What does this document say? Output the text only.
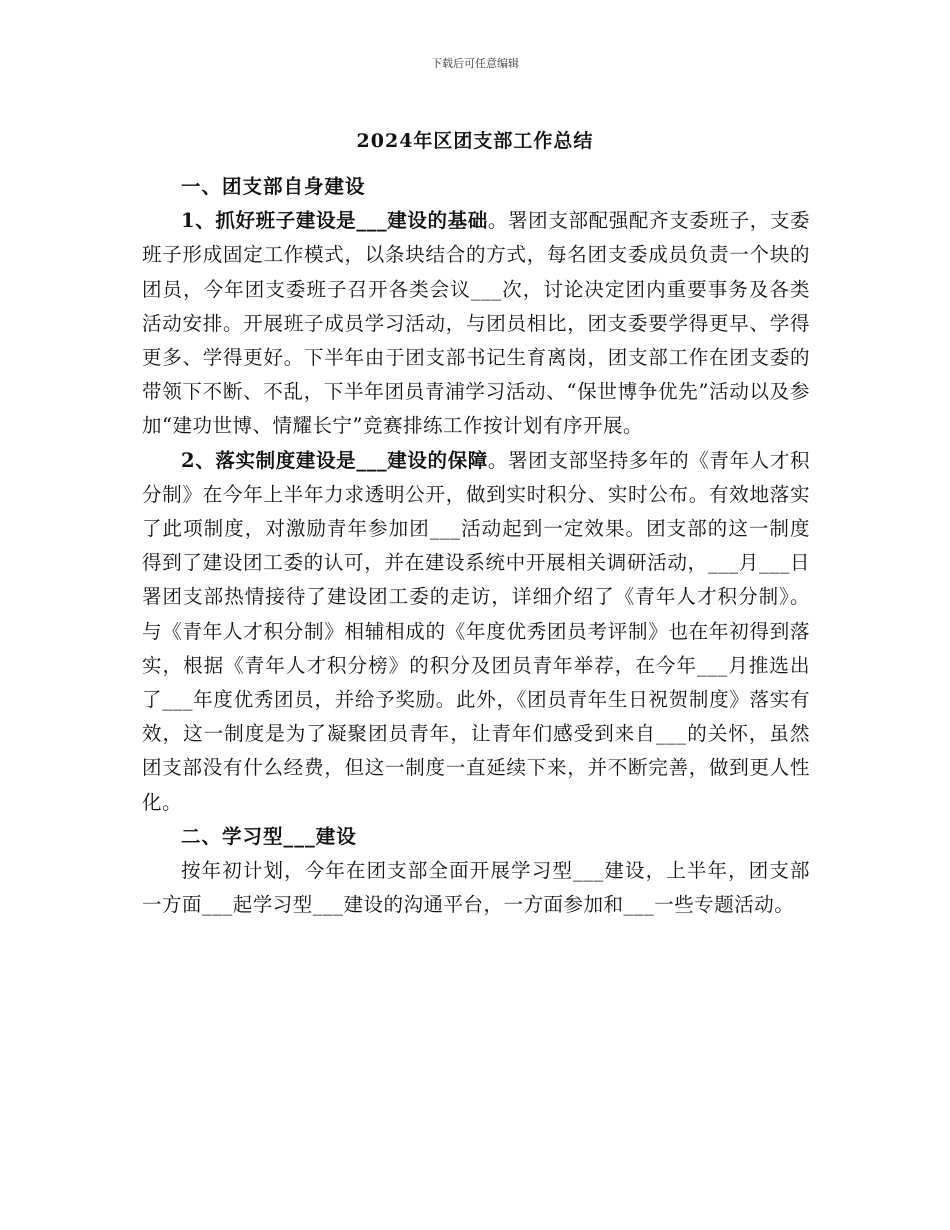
下载后可任意编辑
2024年区团支部工作总结
一、团支部自身建设

1、抓好班子建设是___建设的基础。署团支部配强配齐支委班子，支委班子形成固定工作模式，以条块结合的方式，每名团支委成员负责一个块的团员，今年团支委班子召开各类会议___次，讨论决定团内重要事务及各类活动安排。开展班子成员学习活动，与团员相比，团支委要学得更早、学得更多、学得更好。下半年由于团支部书记生育离岗，团支部工作在团支委的带领下不断、不乱，下半年团员青浦学习活动、“保世博争优先”活动以及参加“建功世博、情耀长宁”竞赛排练工作按计划有序开展。

2、落实制度建设是___建设的保障。署团支部坚持多年的《青年人才积分制》在今年上半年力求透明公开，做到实时积分、实时公布。有效地落实了此项制度，对激励青年参加团___活动起到一定效果。团支部的这一制度得到了建设团工委的认可，并在建设系统中开展相关调研活动，___月___日署团支部热情接待了建设团工委的走访，详细介绍了《青年人才积分制》。与《青年人才积分制》相辅相成的《年度优秀团员考评制》也在年初得到落实，根据《青年人才积分榜》的积分及团员青年举荐，在今年___月推选出了___年度优秀团员，并给予奖励。此外，《团员青年生日祝贺制度》落实有效，这一制度是为了凝聚团员青年，让青年们感受到来自___的关怀，虽然团支部没有什么经费，但这一制度一直延续下来，并不断完善，做到更人性化。

二、学习型___建设

按年初计划，今年在团支部全面开展学习型___建设，上半年，团支部一方面___起学习型___建设的沟通平台，一方面参加和___一些专题活动。
